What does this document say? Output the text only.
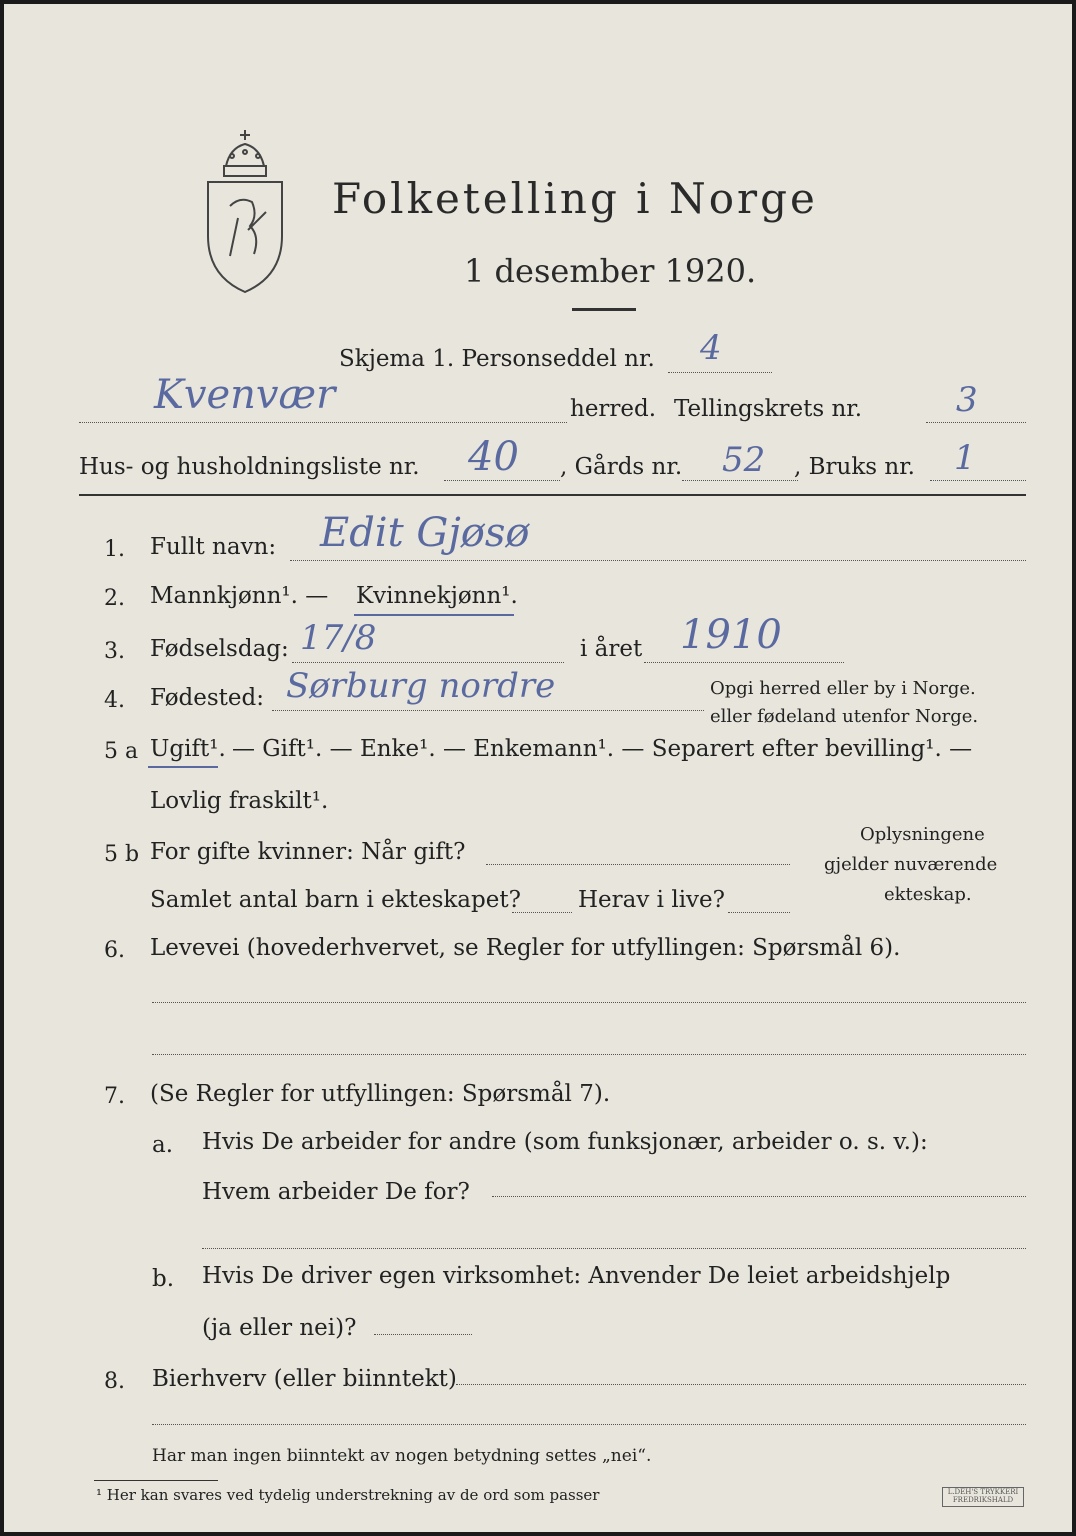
Folketelling i Norge
1 desember 1920.
Skjema 1. Personseddel nr. 4
Kvenvær	herred. Tellingskrets nr.	3
Hus- og husholdningsliste nr. 40 , Gårds nr. 52 , Bruks nr. 1
1. Fullt navn: Edit Gjøsø
2. Mannkjønn¹. — Kvinnekjønn¹.
3. Fødselsdag: 17/8	i året 1910
4. Fødested: Sørburg nordre	Opgi herred eller by i Norge.
eller fødeland utenfor Norge.
5 a Ugift¹. — Gift¹. — Enke¹. — Enkemann¹. — Separert efter bevilling¹. —
Lovlig fraskilt¹.
5 b For gifte kvinner: Når gift?
Samlet antal barn i ekteskapet? Herav i live?
Oplysningene
gjelder nuværende
ekteskap.
6. Levevei (hovederhvervet, se Regler for utfyllingen: Spørsmål 6).
7. (Se Regler for utfyllingen: Spørsmål 7).
a. Hvis De arbeider for andre (som funksjonær, arbeider o. s. v.):
Hvem arbeider De for?
b. Hvis De driver egen virksomhet: Anvender De leiet arbeidshjelp
(ja eller nei)?
8. Bierhverv (eller biinntekt)
Har man ingen biinntekt av nogen betydning settes „nei“.
¹ Her kan svares ved tydelig understrekning av de ord som passer	L.DEH'S TRYKKERI FREDRIKSHALD
